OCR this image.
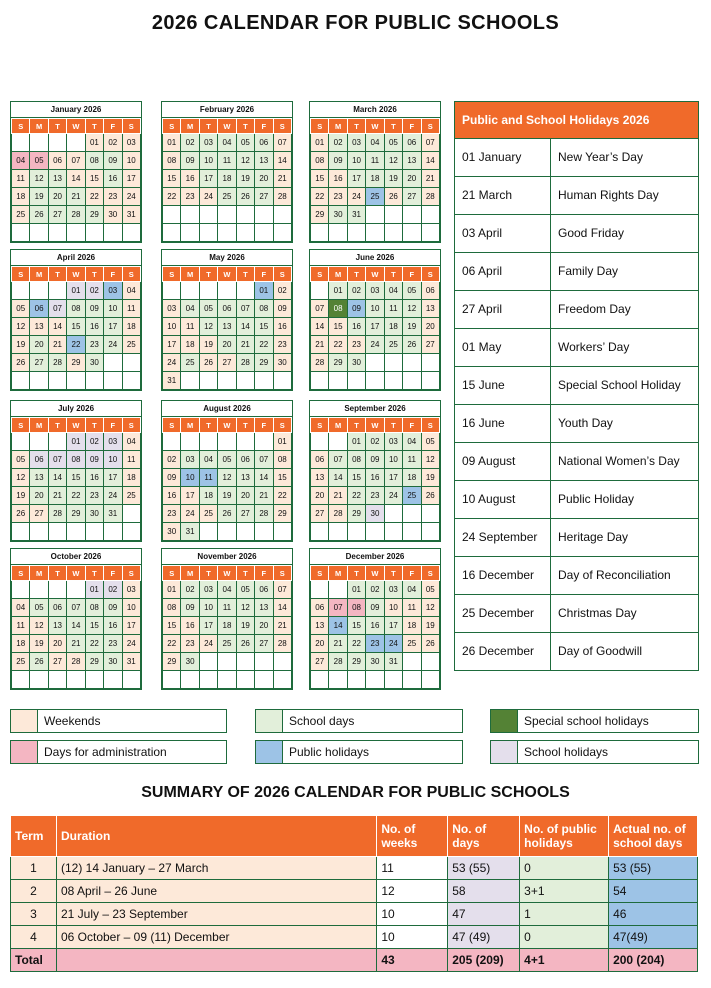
2026 CALENDAR FOR PUBLIC SCHOOLS
January 2026
S	M	T	W	T	F	S
				01	02	03
04	05	06	07	08	09	10
11	12	13	14	15	16	17
18	19	20	21	22	23	24
25	26	27	28	29	30	31

February 2026
S	M	T	W	T	F	S
01	02	03	04	05	06	07
08	09	10	11	12	13	14
15	16	17	18	19	20	21
22	23	24	25	26	27	28

March 2026
S	M	T	W	T	F	S
01	02	03	04	05	06	07
08	09	10	11	12	13	14
15	16	17	18	19	20	21
22	23	24	25	26	27	28
29	30	31				

April 2026
S	M	T	W	T	F	S
			01	02	03	04
05	06	07	08	09	10	11
12	13	14	15	16	17	18
19	20	21	22	23	24	25
26	27	28	29	30		

May 2026
S	M	T	W	T	F	S
					01	02
03	04	05	06	07	08	09
10	11	12	13	14	15	16
17	18	19	20	21	22	23
24	25	26	27	28	29	30
31						
June 2026
S	M	T	W	T	F	S
	01	02	03	04	05	06
07	08	09	10	11	12	13
14	15	16	17	18	19	20
21	22	23	24	25	26	27
28	29	30				

July 2026
S	M	T	W	T	F	S
			01	02	03	04
05	06	07	08	09	10	11
12	13	14	15	16	17	18
19	20	21	22	23	24	25
26	27	28	29	30	31	

August 2026
S	M	T	W	T	F	S
						01
02	03	04	05	06	07	08
09	10	11	12	13	14	15
16	17	18	19	20	21	22
23	24	25	26	27	28	29
30	31					
September 2026
S	M	T	W	T	F	S
		01	02	03	04	05
06	07	08	09	10	11	12
13	14	15	16	17	18	19
20	21	22	23	24	25	26
27	28	29	30			

October 2026
S	M	T	W	T	F	S
				01	02	03
04	05	06	07	08	09	10
11	12	13	14	15	16	17
18	19	20	21	22	23	24
25	26	27	28	29	30	31

November 2026
S	M	T	W	T	F	S
01	02	03	04	05	06	07
08	09	10	11	12	13	14
15	16	17	18	19	20	21
22	23	24	25	26	27	28
29	30					

December 2026
S	M	T	W	T	F	S
		01	02	03	04	05
06	07	08	09	10	11	12
13	14	15	16	17	18	19
20	21	22	23	24	25	26
27	28	29	30	31		

Public and School Holidays 2026
01 January	New Year’s Day
21 March	Human Rights Day
03 April	Good Friday
06 April	Family Day
27 April	Freedom Day
01 May	Workers’ Day
15 June	Special School Holiday
16 June	Youth Day
09 August	National Women’s Day
10 August	Public Holiday
24 September	Heritage Day
16 December	Day of Reconciliation
25 December	Christmas Day
26 December	Day of Goodwill
Weekends	School days	Special school holidays
Days for administration	Public holidays	School holidays
SUMMARY OF 2026 CALENDAR FOR PUBLIC SCHOOLS
Term	Duration	No. of weeks	No. of days	No. of public holidays	Actual no. of school days
1	(12) 14 January – 27 March	11	53 (55)	0	53 (55)
2	08 April – 26 June	12	58	3+1	54
3	21 July – 23 September	10	47	1	46
4	06 October – 09 (11) December	10	47 (49)	0	47(49)
Total		43	205 (209)	4+1	200 (204)
